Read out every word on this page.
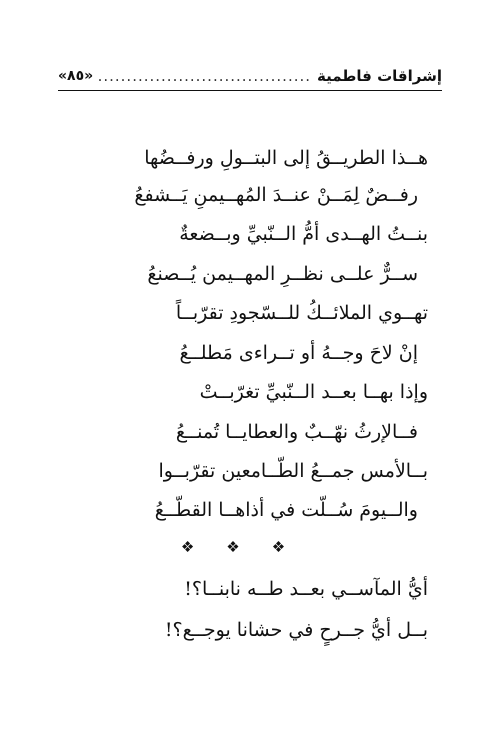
إشراقات فاطمية
.....
«٨٥»
هــذا الطريــقُ إلى البتــولِ ورفــضُها
رفــضٌ لِمَــنْ عنــدَ المُهــيمنِ يَــشفعُ
بنــتُ الهــدى أمُّ الــنّبيِّ وبــضعةٌ
ســرٌّ علــى نظــرِ المهــيمن يُــصنعُ
تهــوي الملائــكُ للــسّجودِ تقرّبــاً
إنْ لاحَ وجــهُ أو تــراءى مَطلــعُ
وإذا بهــا بعــد الــنّبيِّ تغرّبــتْ
فــالإرثُ نهّــبٌ والعطايــا تُمنــعُ
بــالأمس جمــعُ الطّــامعين تقرّبــوا
والــيومَ سُــلّت في أذاهــا القطّــعُ
❖ ❖ ❖
أيُّ المآســي بعــد طــه نابنــا؟!
بــل أيُّ جــرحٍ في حشانا يوجــع؟!
